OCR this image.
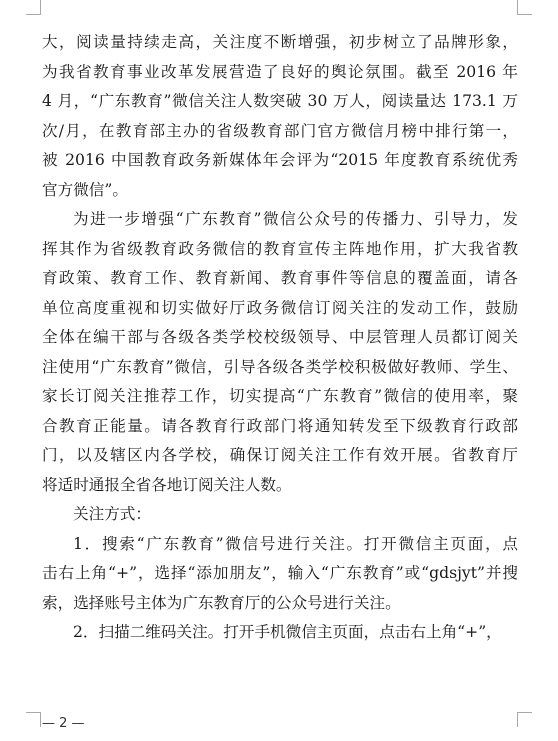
大，阅读量持续走高，关注度不断增强，初步树立了品牌形象，
为我省教育事业改革发展营造了良好的舆论氛围。截至 2016 年
4 月，“广东教育”微信关注人数突破 30 万人，阅读量达 173.1 万
次/月，在教育部主办的省级教育部门官方微信月榜中排行第一，
被 2016 中国教育政务新媒体年会评为“2015 年度教育系统优秀
官方微信”。
为进一步增强“广东教育”微信公众号的传播力、引导力，发
挥其作为省级教育政务微信的教育宣传主阵地作用，扩大我省教
育政策、教育工作、教育新闻、教育事件等信息的覆盖面，请各
单位高度重视和切实做好厅政务微信订阅关注的发动工作，鼓励
全体在编干部与各级各类学校校级领导、中层管理人员都订阅关
注使用“广东教育”微信，引导各级各类学校积极做好教师、学生、
家长订阅关注推荐工作，切实提高“广东教育”微信的使用率，聚
合教育正能量。请各教育行政部门将通知转发至下级教育行政部
门，以及辖区内各学校，确保订阅关注工作有效开展。省教育厅
将适时通报全省各地订阅关注人数。
关注方式：
1．搜索“广东教育”微信号进行关注。打开微信主页面，点
击右上角“+”，选择“添加朋友”，输入“广东教育”或“gdsjyt”并搜
索，选择账号主体为广东教育厅的公众号进行关注。
2．扫描二维码关注。打开手机微信主页面，点击右上角“+”，
— 2 —
